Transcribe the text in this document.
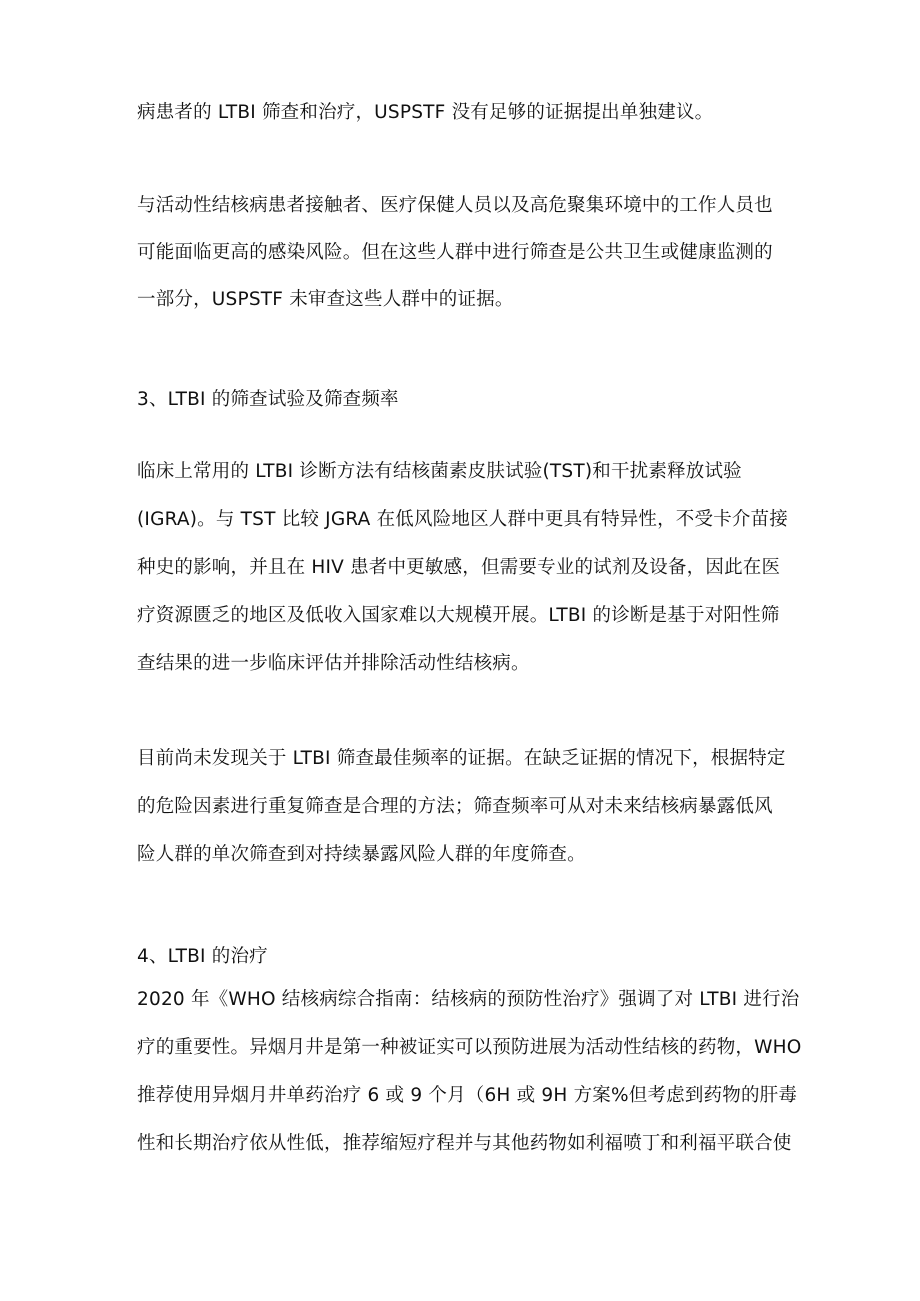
病患者的 LTBI 筛查和治疗，USPSTF 没有足够的证据提出单独建议。
与活动性结核病患者接触者、医疗保健人员以及高危聚集环境中的工作人员也
可能面临更高的感染风险。但在这些人群中进行筛查是公共卫生或健康监测的
一部分，USPSTF 未审查这些人群中的证据。
3、LTBI 的筛查试验及筛查频率
临床上常用的 LTBI 诊断方法有结核菌素皮肤试验(TST)和干扰素释放试验
(IGRA)。与 TST 比较 JGRA 在低风险地区人群中更具有特异性，不受卡介苗接
种史的影响，并且在 HIV 患者中更敏感，但需要专业的试剂及设备，因此在医
疗资源匮乏的地区及低收入国家难以大规模开展。LTBI 的诊断是基于对阳性筛
查结果的进一步临床评估并排除活动性结核病。
目前尚未发现关于 LTBI 筛查最佳频率的证据。在缺乏证据的情况下，根据特定
的危险因素进行重复筛查是合理的方法；筛查频率可从对未来结核病暴露低风
险人群的单次筛查到对持续暴露风险人群的年度筛查。
4、LTBI 的治疗
2020 年《WHO 结核病综合指南：结核病的预防性治疗》强调了对 LTBI 进行治
疗的重要性。异烟月井是第一种被证实可以预防进展为活动性结核的药物，WHO
推荐使用异烟月井单药治疗 6 或 9 个月（6H 或 9H 方案%但考虑到药物的肝毒
性和长期治疗依从性低，推荐缩短疗程并与其他药物如利福喷丁和利福平联合使
